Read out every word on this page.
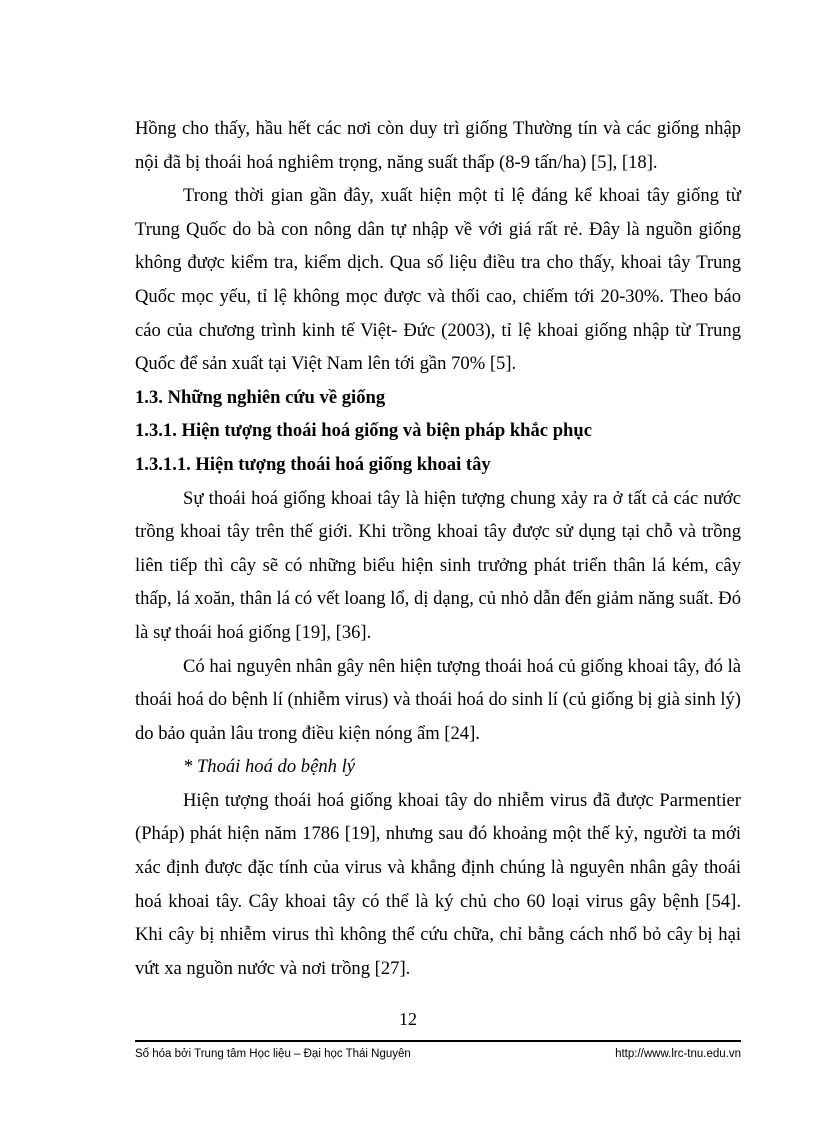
Hồng cho thấy, hầu hết các nơi còn duy trì giống Thường tín và các giống nhập nội đã bị thoái hoá nghiêm trọng, năng suất thấp (8-9 tấn/ha) [5], [18].

Trong thời gian gần đây, xuất hiện một tỉ lệ đáng kể khoai tây giống từ Trung Quốc do bà con nông dân tự nhập về với giá rất rẻ. Đây là nguồn giống không được kiểm tra, kiểm dịch. Qua số liệu điều tra cho thấy, khoai tây Trung Quốc mọc yếu, tỉ lệ không mọc được và thối cao, chiếm tới 20-30%. Theo báo cáo của chương trình kinh tế Việt- Đức (2003), tỉ lệ khoai giống nhập từ Trung Quốc để sản xuất tại Việt Nam lên tới gần 70% [5].

1.3. Những nghiên cứu về giống
1.3.1. Hiện tượng thoái hoá giống và biện pháp khắc phục
1.3.1.1. Hiện tượng thoái hoá giống khoai tây

Sự thoái hoá giống khoai tây là hiện tượng chung xảy ra ở tất cả các nước trồng khoai tây trên thế giới. Khi trồng khoai tây được sử dụng tại chỗ và trồng liên tiếp thì cây sẽ có những biểu hiện sinh trưởng phát triển thân lá kém, cây thấp, lá xoăn, thân lá có vết loang lổ, dị dạng, củ nhỏ dẫn đến giảm năng suất. Đó là sự thoái hoá giống [19], [36].

Có hai nguyên nhân gây nên hiện tượng thoái hoá củ giống khoai tây, đó là thoái hoá do bệnh lí (nhiễm virus) và thoái hoá do sinh lí (củ giống bị già sinh lý) do bảo quản lâu trong điều kiện nóng ẩm [24].

* Thoái hoá do bệnh lý

Hiện tượng thoái hoá giống khoai tây do nhiễm virus đã được Parmentier (Pháp) phát hiện năm 1786 [19], nhưng sau đó khoảng một thế kỷ, người ta mới xác định được đặc tính của virus và khẳng định chúng là nguyên nhân gây thoái hoá khoai tây. Cây khoai tây có thể là ký chủ cho 60 loại virus gây bệnh [54]. Khi cây bị nhiễm virus thì không thể cứu chữa, chỉ bằng cách nhổ bỏ cây bị hại vứt xa nguồn nước và nơi trồng [27].

12
Số hóa bởi Trung tâm Học liệu – Đại học Thái Nguyên	http://www.lrc-tnu.edu.vn
